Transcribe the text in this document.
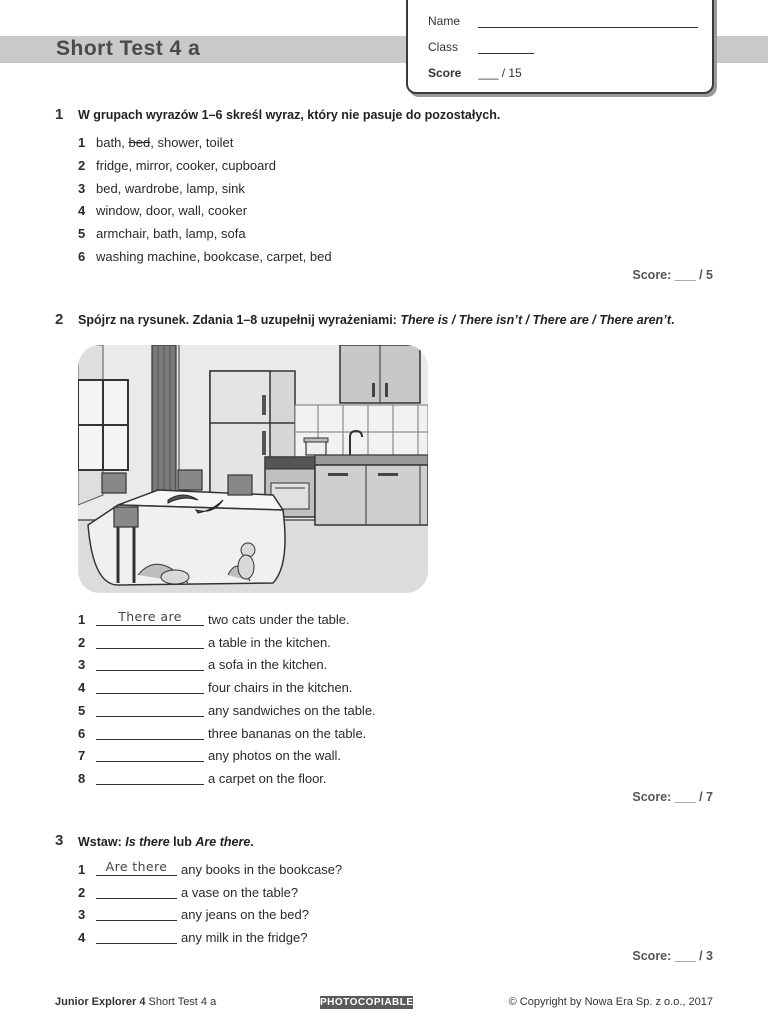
Short Test 4 a
Name
Class
Score ___ / 15
1 W grupach wyrazów 1–6 skreśl wyraz, który nie pasuje do pozostałych.
1 bath, bed, shower, toilet
2 fridge, mirror, cooker, cupboard
3 bed, wardrobe, lamp, sink
4 window, door, wall, cooker
5 armchair, bath, lamp, sofa
6 washing machine, bookcase, carpet, bed
Score: ___ / 5
2 Spójrz na rysunek. Zdania 1–8 uzupełnij wyrażeniami: There is / There isn’t / There are / There aren’t.
1	There are	two cats under the table.
2	a table in the kitchen.
3	a sofa in the kitchen.
4	four chairs in the kitchen.
5	any sandwiches on the table.
6	three bananas on the table.
7	any photos on the wall.
8	a carpet on the floor.
Score: ___ / 7
3 Wstaw: Is there lub Are there.
1	Are there	any books in the bookcase?
2	a vase on the table?
3	any jeans on the bed?
4	any milk in the fridge?
Score: ___ / 3
Junior Explorer 4 Short Test 4 a	PHOTOCOPIABLE	© Copyright by Nowa Era Sp. z o.o., 2017
